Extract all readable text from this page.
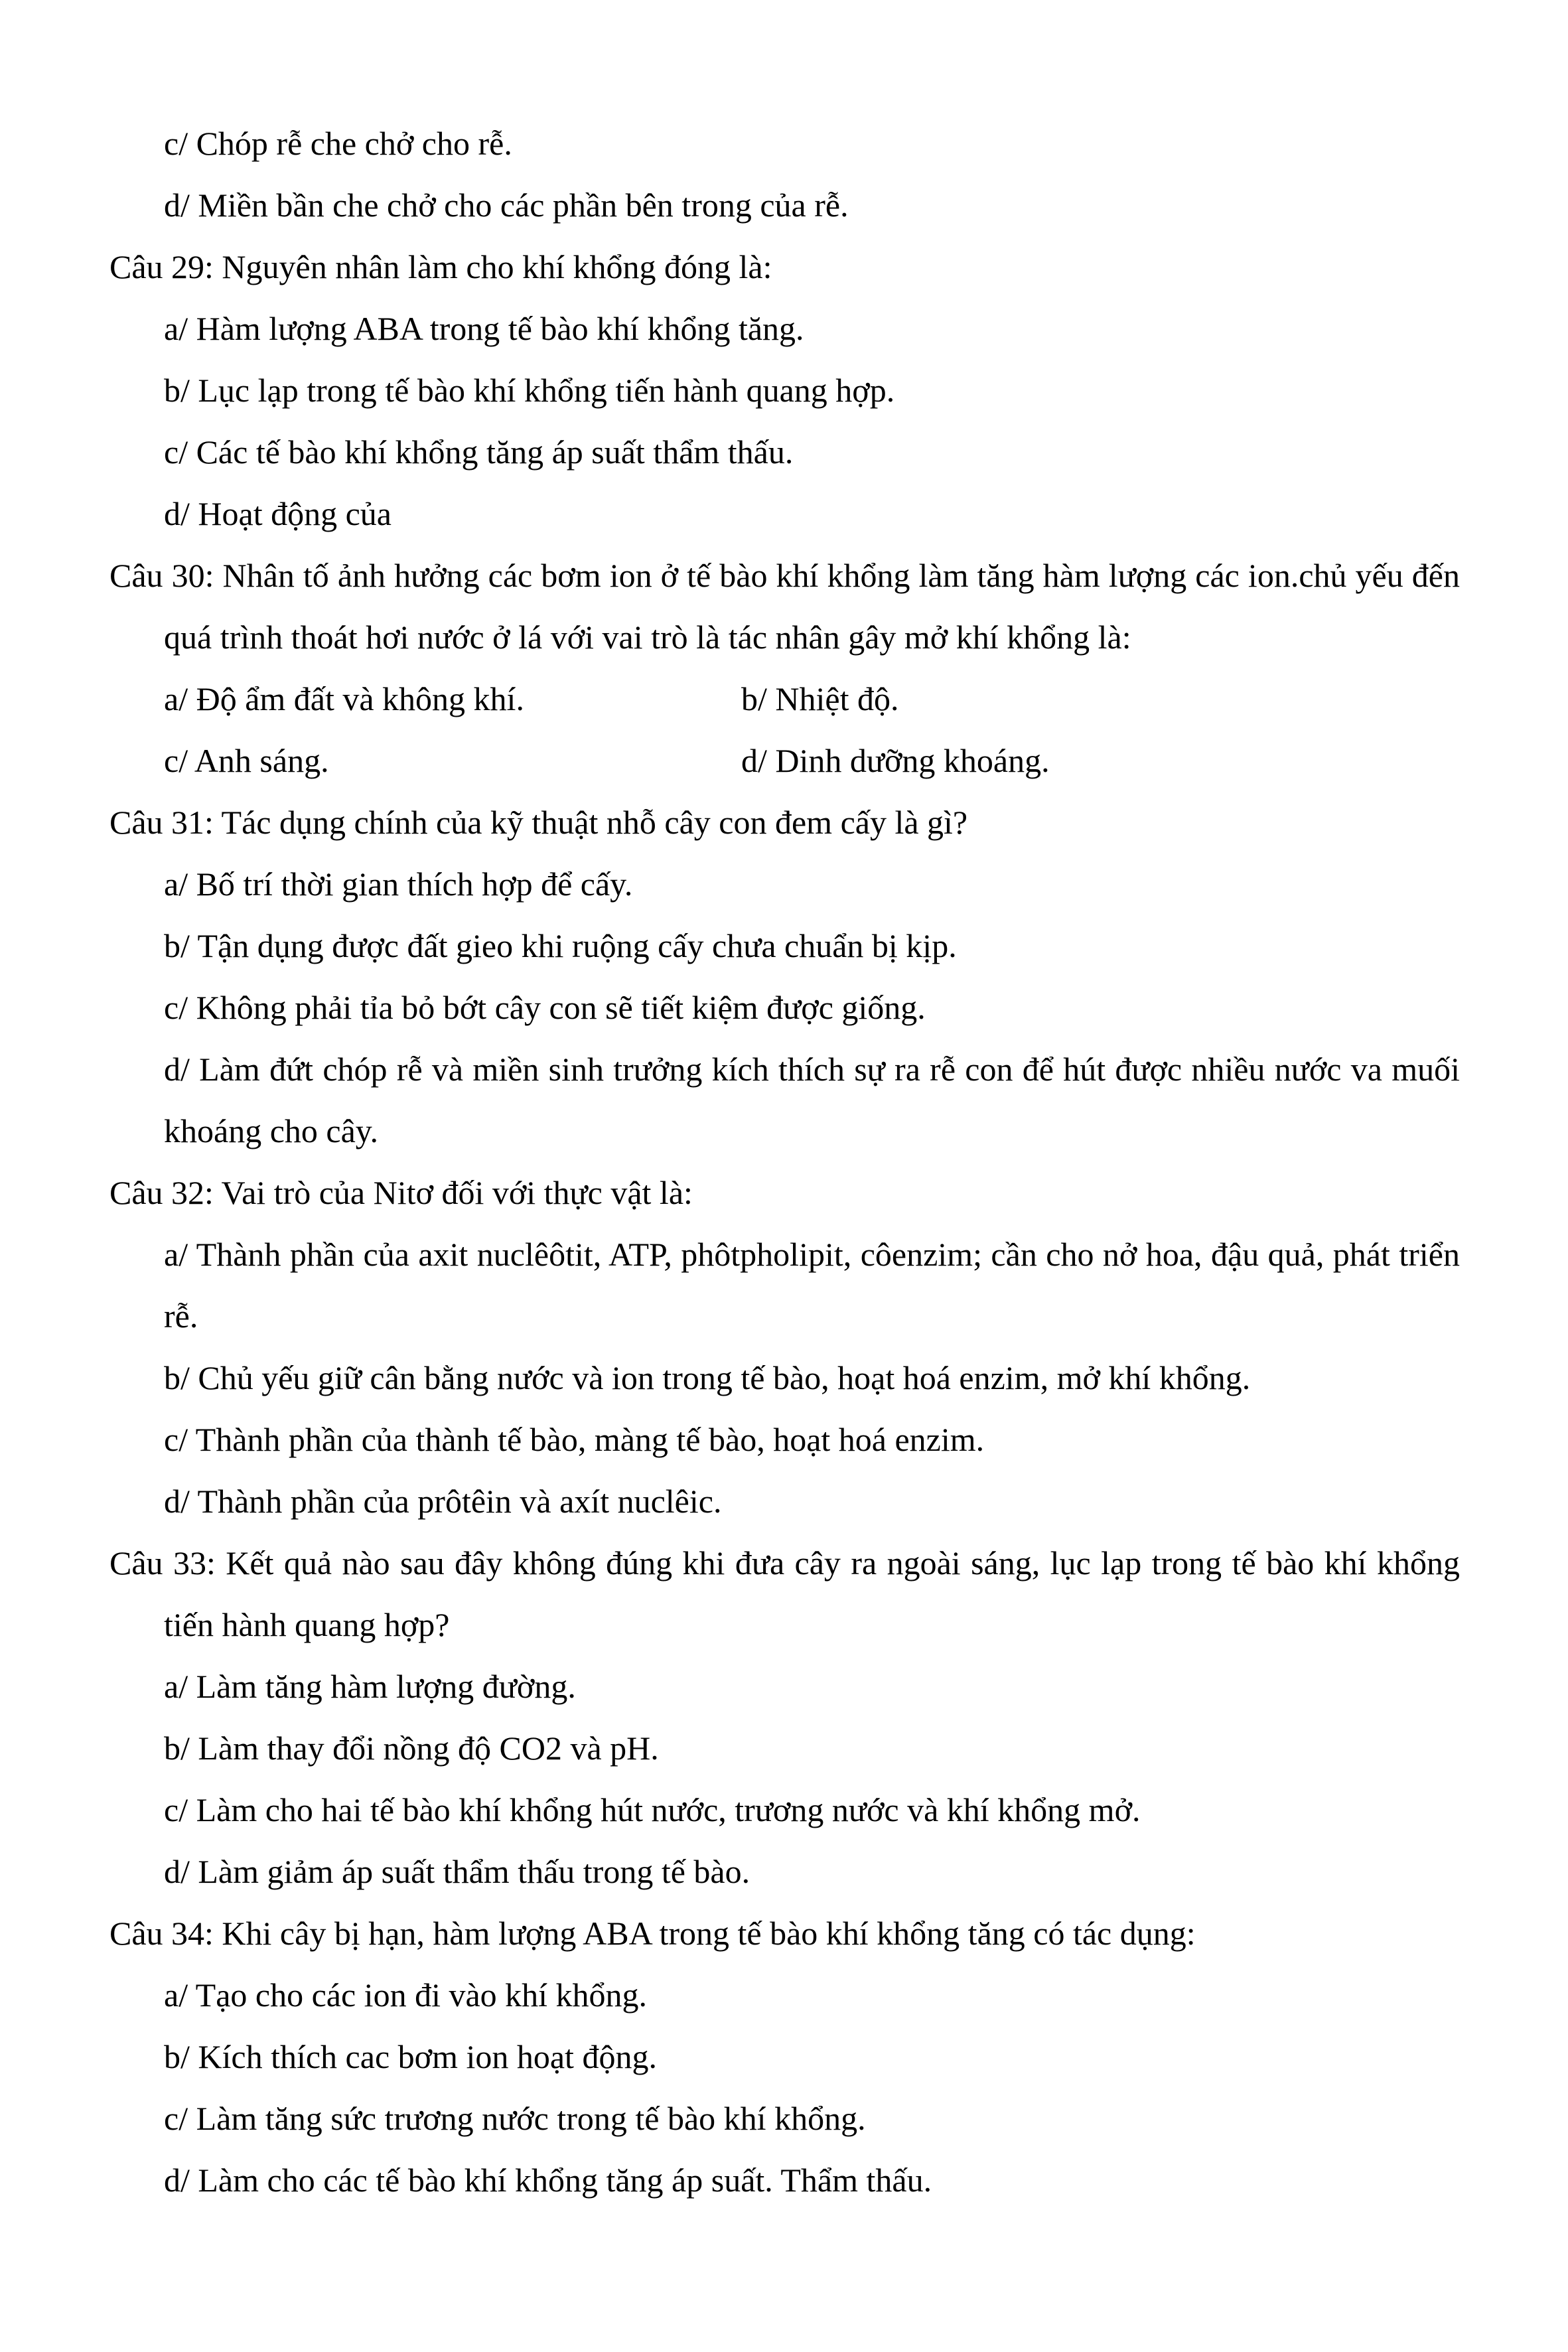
c/ Chóp rễ che chở cho rễ.
d/ Miền bần che chở cho các phần bên trong của rễ.
Câu 29: Nguyên nhân làm cho khí khổng đóng là:
a/ Hàm lượng ABA trong tế bào khí khổng tăng.
b/ Lục lạp trong tế bào khí khổng tiến hành quang hợp.
c/ Các tế bào khí khổng tăng áp suất thẩm thấu.
d/ Hoạt động của
Câu 30: Nhân tố ảnh hưởng các bơm ion ở tế bào khí khổng làm tăng hàm lượng các ion.chủ yếu đến quá trình thoát hơi nước ở lá với vai trò là tác nhân gây mở khí khổng là:
a/ Độ ẩm đất và không khí.	b/ Nhiệt độ.
c/ Anh sáng.	d/ Dinh dưỡng khoáng.
Câu 31: Tác dụng chính của kỹ thuật nhỗ cây con đem cấy là gì?
a/ Bố trí thời gian thích hợp để cấy.
b/ Tận dụng được đất gieo khi ruộng cấy chưa chuẩn bị kịp.
c/ Không phải tỉa bỏ bớt cây con sẽ tiết kiệm được giống.
d/ Làm đứt chóp rễ và miền sinh trưởng kích thích sự ra rễ con để hút được nhiều nước va muối khoáng cho cây.
Câu 32: Vai trò của Nitơ đối với thực vật là:
a/ Thành phần của axit nuclêôtit, ATP, phôtpholipit, côenzim; cần cho nở hoa, đậu quả, phát triển rễ.
b/ Chủ yếu giữ cân bằng nước và ion trong tế bào, hoạt hoá enzim, mở khí khổng.
c/ Thành phần của thành tế bào, màng tế bào, hoạt hoá enzim.
d/ Thành phần của prôtêin và axít nuclêic.
Câu 33: Kết quả nào sau đây không đúng khi đưa cây ra ngoài sáng, lục lạp trong tế bào khí khổng tiến hành quang hợp?
a/ Làm tăng hàm lượng đường.
b/ Làm thay đổi nồng độ CO2 và pH.
c/ Làm cho hai tế bào khí khổng hút nước, trương nước và khí khổng mở.
d/ Làm giảm áp suất thẩm thấu trong tế bào.
Câu 34: Khi cây bị hạn, hàm lượng ABA trong tế bào khí khổng tăng có tác dụng:
a/ Tạo cho các ion đi vào khí khổng.
b/ Kích thích cac bơm ion hoạt động.
c/ Làm tăng sức trương nước trong tế bào khí khổng.
d/ Làm cho các tế bào khí khổng tăng áp suất. Thẩm thấu.
